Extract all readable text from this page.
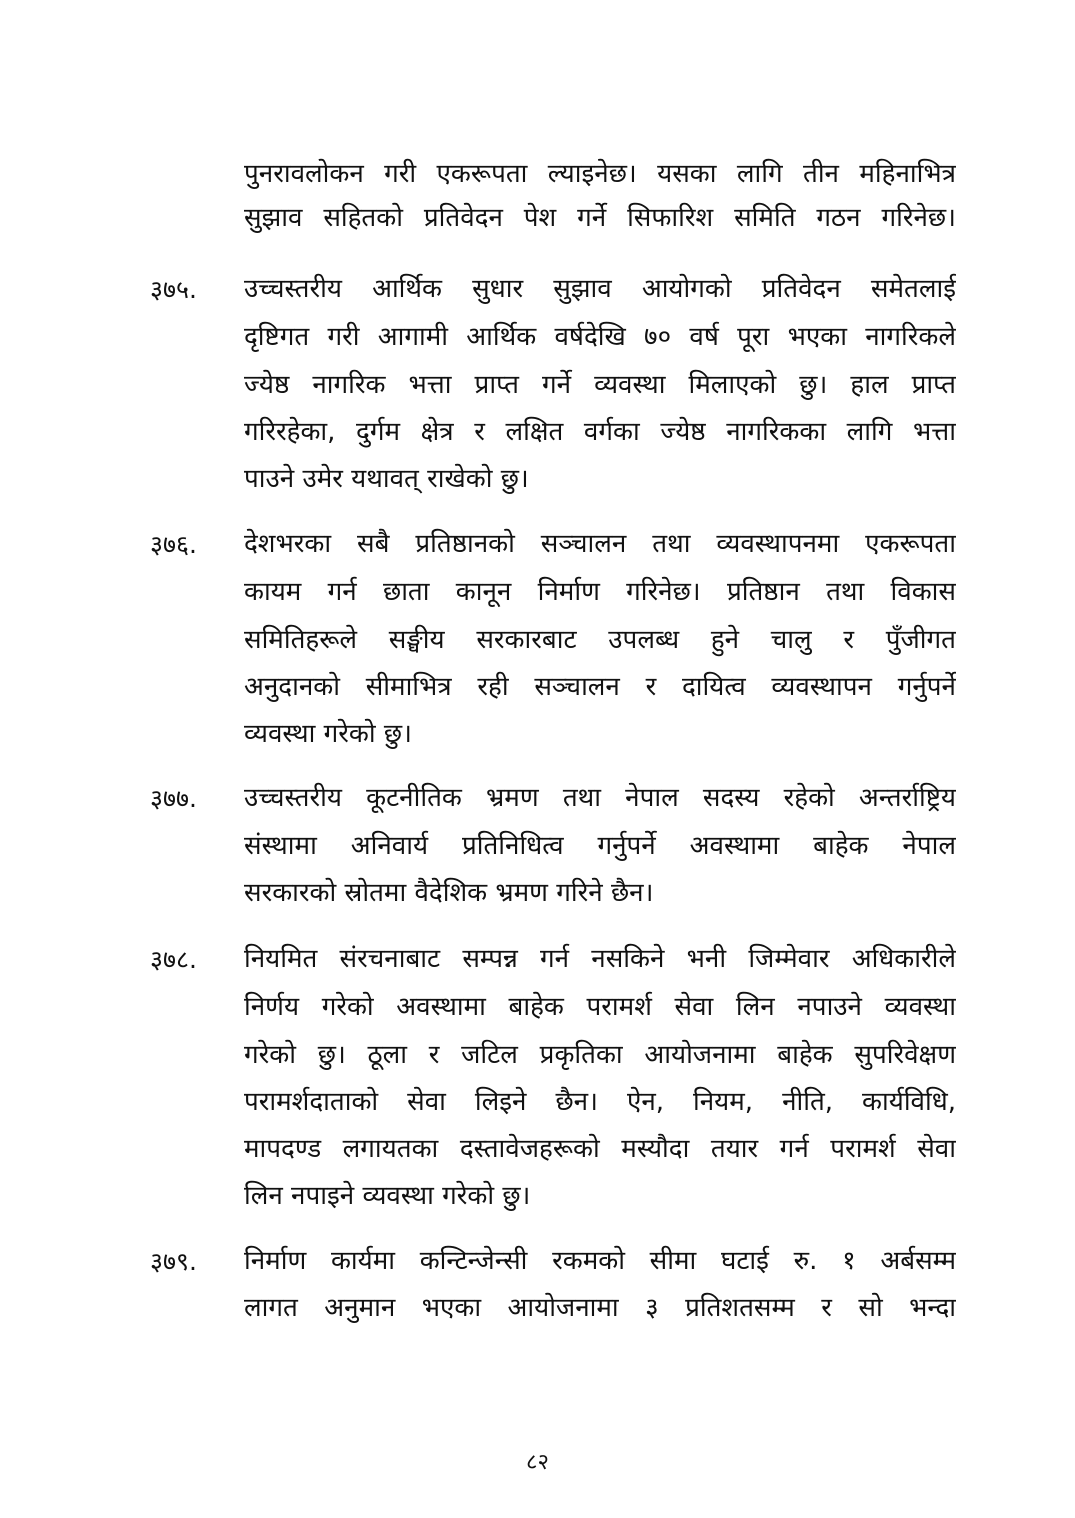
पुनरावलोकन गरी एकरूपता ल्याइनेछ। यसका लागि तीन महिनाभित्र
सुझाव सहितको प्रतिवेदन पेश गर्ने सिफारिश समिति गठन गरिनेछ।
३७५. उच्चस्तरीय आर्थिक सुधार सुझाव आयोगको प्रतिवेदन समेतलाई
दृष्टिगत गरी आगामी आर्थिक वर्षदेखि ७० वर्ष पूरा भएका नागरिकले
ज्येष्ठ नागरिक भत्ता प्राप्त गर्ने व्यवस्था मिलाएको छु। हाल प्राप्त
गरिरहेका, दुर्गम क्षेत्र र लक्षित वर्गका ज्येष्ठ नागरिकका लागि भत्ता
पाउने उमेर यथावत् राखेको छु।
३७६. देशभरका सबै प्रतिष्ठानको सञ्चालन तथा व्यवस्थापनमा एकरूपता
कायम गर्न छाता कानून निर्माण गरिनेछ। प्रतिष्ठान तथा विकास
समितिहरूले सङ्घीय सरकारबाट उपलब्ध हुने चालु र पुँजीगत
अनुदानको सीमाभित्र रही सञ्चालन र दायित्व व्यवस्थापन गर्नुपर्ने
व्यवस्था गरेको छु।
३७७. उच्चस्तरीय कूटनीतिक भ्रमण तथा नेपाल सदस्य रहेको अन्तर्राष्ट्रिय
संस्थामा अनिवार्य प्रतिनिधित्व गर्नुपर्ने अवस्थामा बाहेक नेपाल
सरकारको स्रोतमा वैदेशिक भ्रमण गरिने छैन।
३७८. नियमित संरचनाबाट सम्पन्न गर्न नसकिने भनी जिम्मेवार अधिकारीले
निर्णय गरेको अवस्थामा बाहेक परामर्श सेवा लिन नपाउने व्यवस्था
गरेको छु। ठूला र जटिल प्रकृतिका आयोजनामा बाहेक सुपरिवेक्षण
परामर्शदाताको सेवा लिइने छैन। ऐन, नियम, नीति, कार्यविधि,
मापदण्ड लगायतका दस्तावेजहरूको मस्यौदा तयार गर्न परामर्श सेवा
लिन नपाइने व्यवस्था गरेको छु।
३७९. निर्माण कार्यमा कन्टिन्जेन्सी रकमको सीमा घटाई रु. १ अर्बसम्म
लागत अनुमान भएका आयोजनामा ३ प्रतिशतसम्म र सो भन्दा
८२
